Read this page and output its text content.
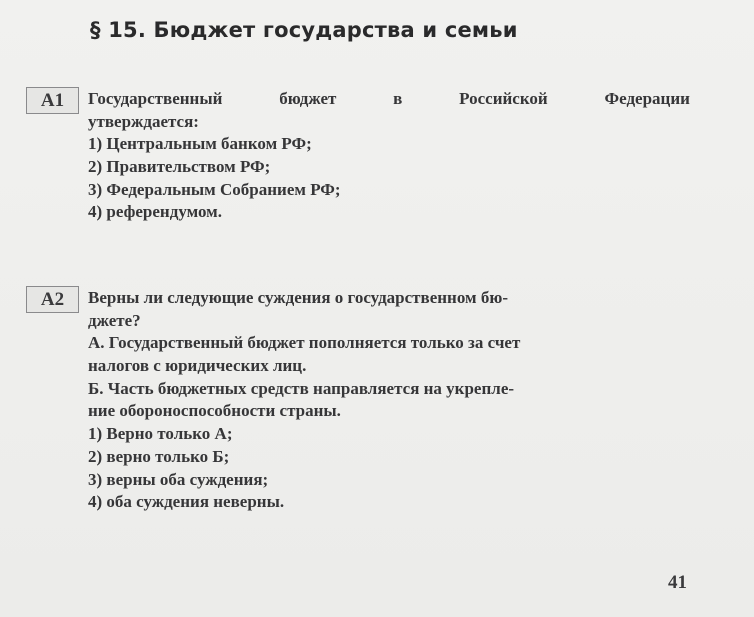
§ 15. Бюджет государства и семьи
А1	Государственный	бюджет	в	Российской	Федерации
утверждается:
1) Центральным банком РФ;
2) Правительством РФ;
3) Федеральным Собранием РФ;
4) референдумом.
А2	Верны ли следующие суждения о государственном бю-
джете?
А. Государственный бюджет пополняется только за счет
налогов с юридических лиц.
Б. Часть бюджетных средств направляется на укрепле-
ние обороноспособности страны.
1) Верно только А;
2) верно только Б;
3) верны оба суждения;
4) оба суждения неверны.
41
